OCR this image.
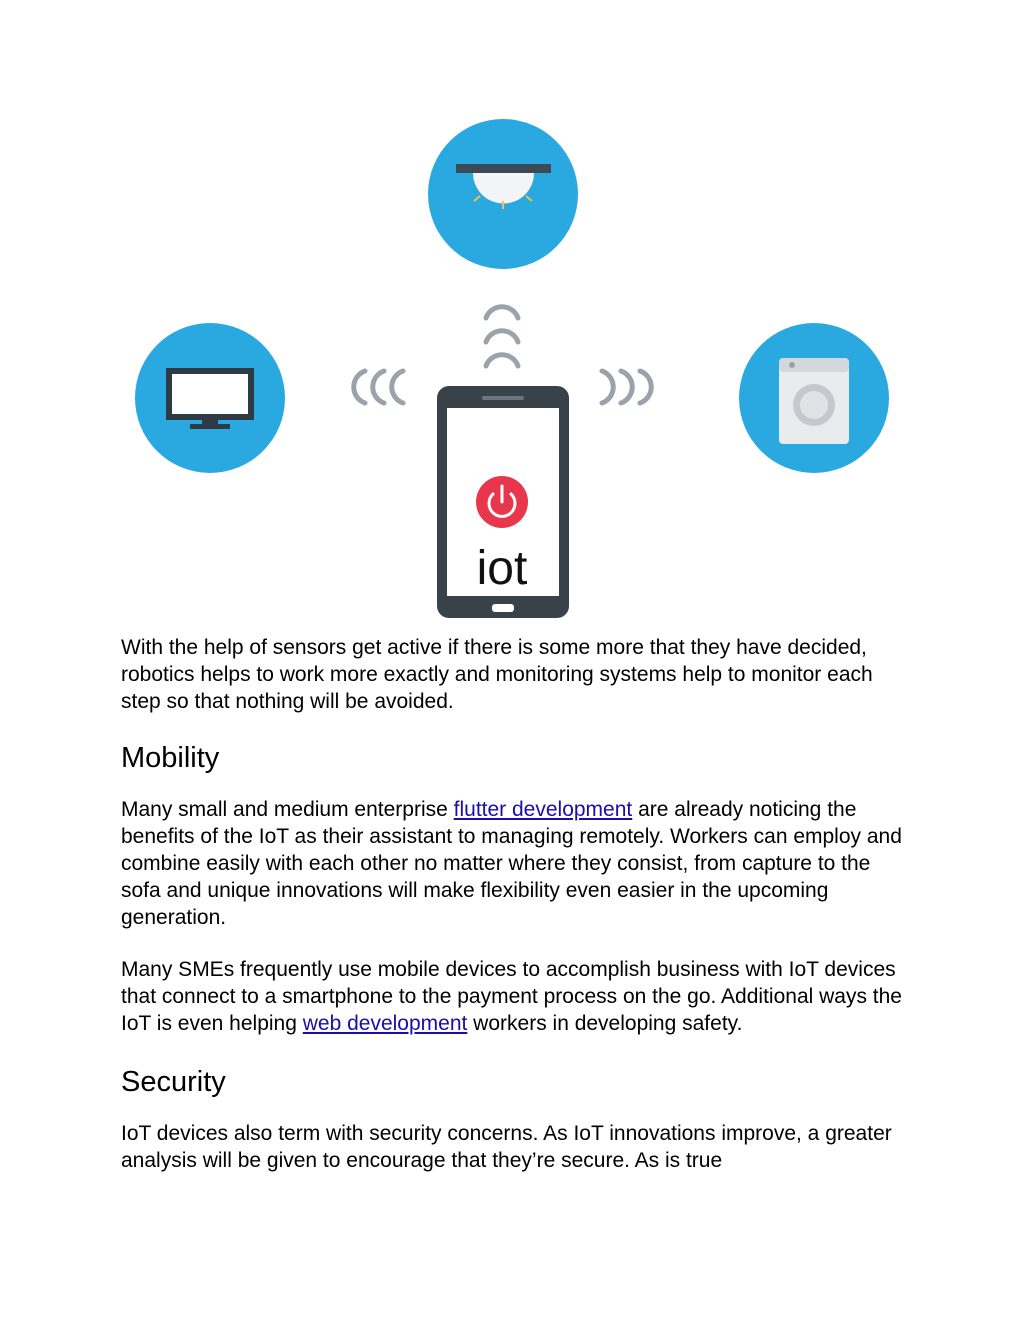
iot

With the help of sensors get active if there is some more that they have decided, robotics helps to work more exactly and monitoring systems help to monitor each step so that nothing will be avoided.

Mobility

Many small and medium enterprise flutter development are already noticing the benefits of the IoT as their assistant to managing remotely. Workers can employ and combine easily with each other no matter where they consist, from capture to the sofa and unique innovations will make flexibility even easier in the upcoming generation.

Many SMEs frequently use mobile devices to accomplish business with IoT devices that connect to a smartphone to the payment process on the go. Additional ways the IoT is even helping web development workers in developing safety.

Security

IoT devices also term with security concerns. As IoT innovations improve, a greater analysis will be given to encourage that they’re secure. As is true
